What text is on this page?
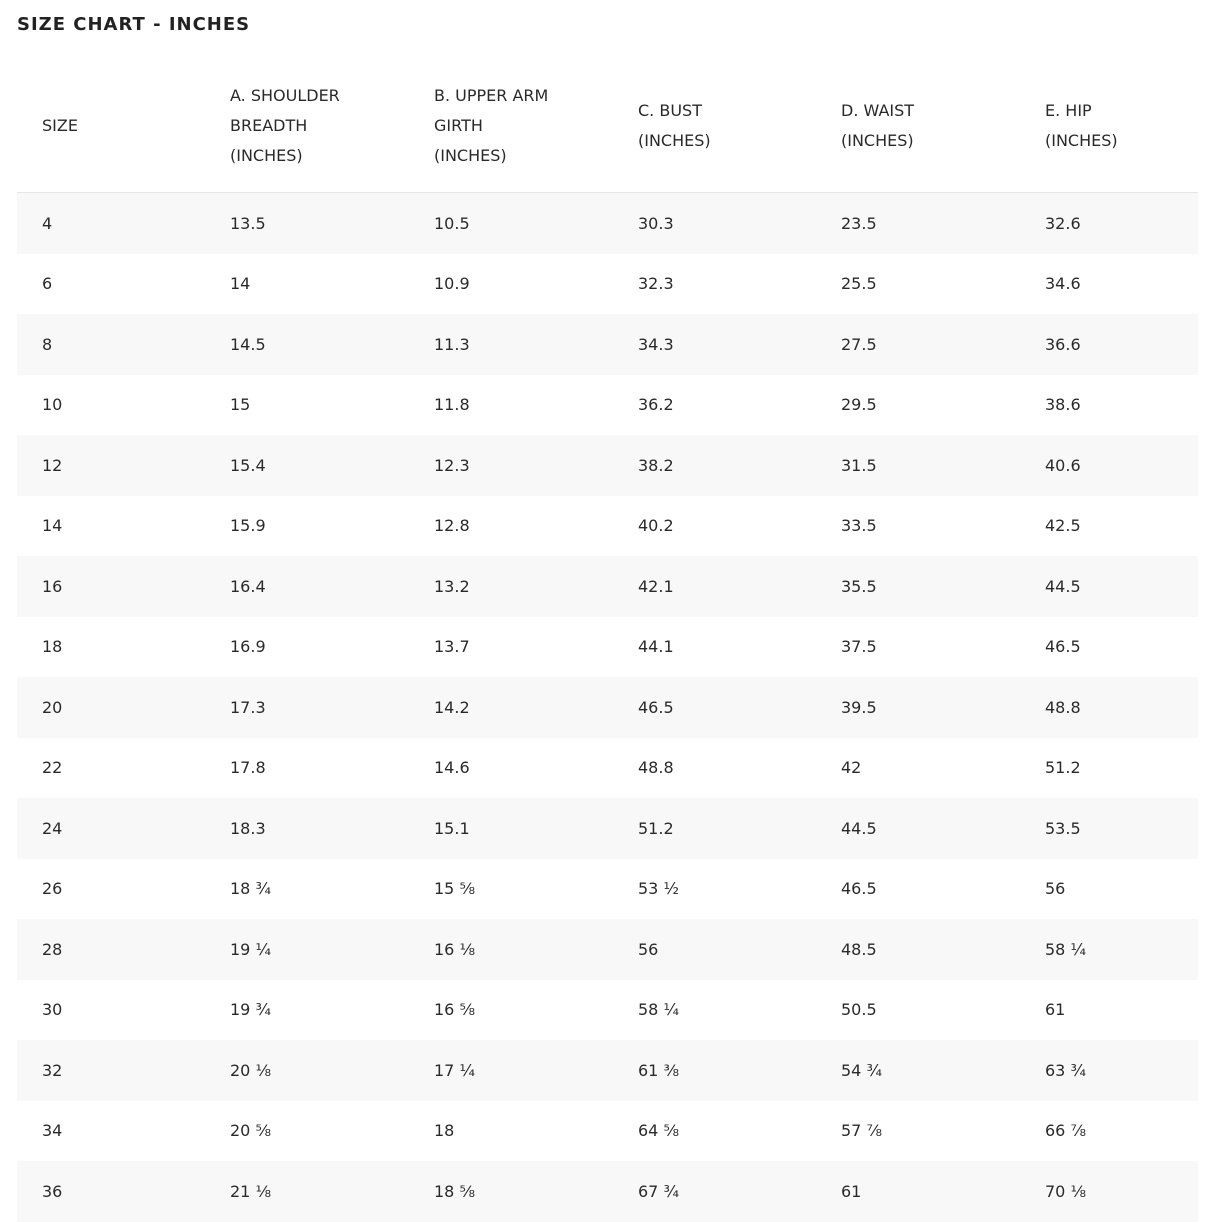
SIZE CHART - INCHES
SIZE	A. SHOULDER BREADTH (INCHES)	B. UPPER ARM GIRTH (INCHES)	C. BUST (INCHES)	D. WAIST (INCHES)	E. HIP (INCHES)

4	13.5	10.5	30.3	23.5	32.6
6	14	10.9	32.3	25.5	34.6
8	14.5	11.3	34.3	27.5	36.6
10	15	11.8	36.2	29.5	38.6
12	15.4	12.3	38.2	31.5	40.6
14	15.9	12.8	40.2	33.5	42.5
16	16.4	13.2	42.1	35.5	44.5
18	16.9	13.7	44.1	37.5	46.5
20	17.3	14.2	46.5	39.5	48.8
22	17.8	14.6	48.8	42	51.2
24	18.3	15.1	51.2	44.5	53.5
26	18 ¾	15 ⅝	53 ½	46.5	56
28	19 ¼	16 ⅛	56	48.5	58 ¼
30	19 ¾	16 ⅝	58 ¼	50.5	61
32	20 ⅛	17 ¼	61 ⅜	54 ¾	63 ¾
34	20 ⅝	18	64 ⅝	57 ⅞	66 ⅞
36	21 ⅛	18 ⅝	67 ¾	61	70 ⅛
